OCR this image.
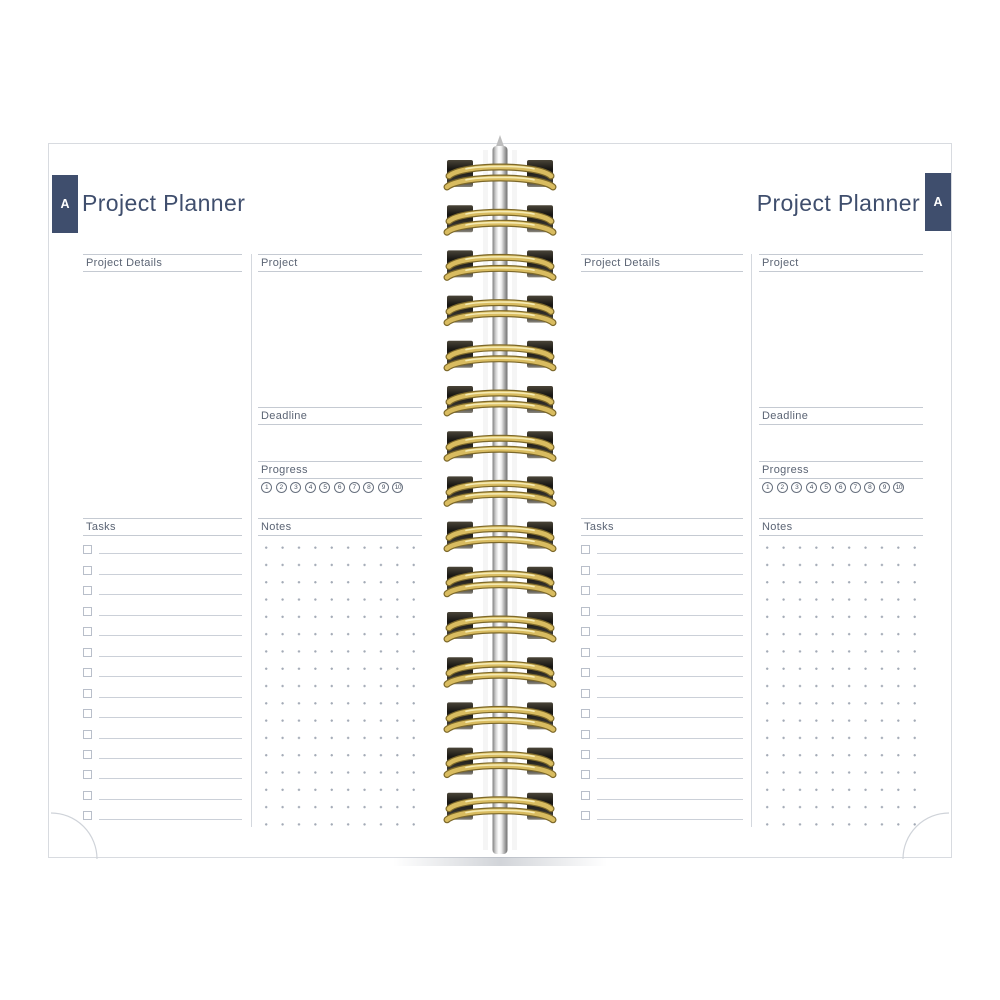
A Project Planner
Project Details	Project
Deadline
Progress
1	2	3	4	5	6	7	8	9	10
Tasks	Notes
A
Project Planner
Project Details	Project
Deadline
Progress
1	2	3	4	5	6	7	8	9	10
Tasks	Notes
